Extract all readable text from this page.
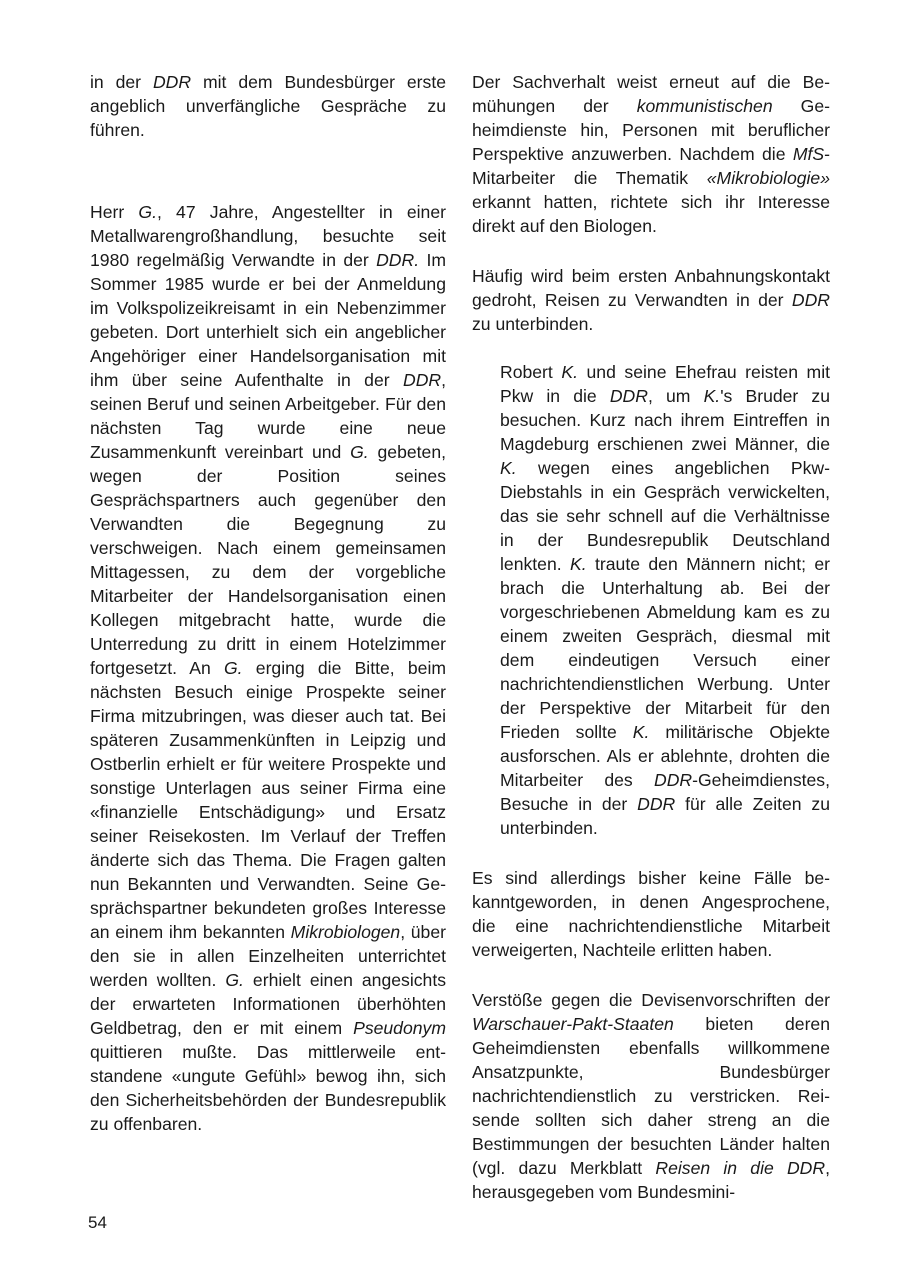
in der DDR mit dem Bundesbürger erste angeblich unverfängliche Gespräche zu führen.

Herr G., 47 Jahre, Angestellter in einer Metallwarengroßhandlung, besuchte seit 1980 regelmäßig Verwandte in der DDR. Im Sommer 1985 wurde er bei der Anmeldung im Volkspolizeikreisamt in ein Nebenzimmer gebeten. Dort unterhielt sich ein angeblicher Angehöriger einer Handelsorganisation mit ihm über seine Aufenthalte in der DDR, seinen Beruf und seinen Arbeitgeber. Für den nächsten Tag wurde eine neue Zusammenkunft vereinbart und G. gebeten, wegen der Position seines Gesprächspartners auch gegenüber den Verwandten die Begegnung zu verschweigen. Nach einem gemeinsamen Mittagessen, zu dem der vorgebliche Mitarbeiter der Handelsorganisation einen Kollegen mitgebracht hatte, wurde die Unterredung zu dritt in einem Hotelzimmer fortgesetzt. An G. erging die Bitte, beim nächsten Besuch einige Prospekte seiner Firma mitzubringen, was dieser auch tat. Bei späteren Zusammenkünften in Leipzig und Ostberlin erhielt er für weitere Prospekte und sonstige Unterlagen aus seiner Firma eine «finanzielle Entschädigung» und Ersatz seiner Reisekosten. Im Verlauf der Treffen änderte sich das Thema. Die Fragen galten nun Bekannten und Verwandten. Seine Gesprächspartner bekundeten großes Interesse an einem ihm bekannten Mikrobiologen, über den sie in allen Einzelheiten unterrichtet werden wollten. G. erhielt einen angesichts der erwarteten Informationen überhöhten Geldbetrag, den er mit einem Pseudonym quittieren mußte. Das mittlerweile entstandene «ungute Gefühl» bewog ihn, sich den Sicherheitsbehörden der Bundesrepublik zu offenbaren.

Der Sachverhalt weist erneut auf die Bemühungen der kommunistischen Geheimdienste hin, Personen mit beruflicher Perspektive anzuwerben. Nachdem die MfS-Mitarbeiter die Thematik «Mikrobiologie» erkannt hatten, richtete sich ihr Interesse direkt auf den Biologen.

Häufig wird beim ersten Anbahnungskontakt gedroht, Reisen zu Verwandten in der DDR zu unterbinden.

Robert K. und seine Ehefrau reisten mit Pkw in die DDR, um K.'s Bruder zu besuchen. Kurz nach ihrem Eintreffen in Magdeburg erschienen zwei Männer, die K. wegen eines angeblichen Pkw-Diebstahls in ein Gespräch verwickelten, das sie sehr schnell auf die Verhältnisse in der Bundesrepublik Deutschland lenkten. K. traute den Männern nicht; er brach die Unterhaltung ab. Bei der vorgeschriebenen Abmeldung kam es zu einem zweiten Gespräch, diesmal mit dem eindeutigen Versuch einer nachrichtendienstlichen Werbung. Unter der Perspektive der Mitarbeit für den Frieden sollte K. militärische Objekte ausforschen. Als er ablehnte, drohten die Mitarbeiter des DDR-Geheimdienstes, Besuche in der DDR für alle Zeiten zu unterbinden.

Es sind allerdings bisher keine Fälle bekanntgeworden, in denen Angesprochene, die eine nachrichtendienstliche Mitarbeit verweigerten, Nachteile erlitten haben.

Verstöße gegen die Devisenvorschriften der Warschauer-Pakt-Staaten bieten deren Geheimdiensten ebenfalls willkommene Ansatzpunkte, Bundesbürger nachrichtendienstlich zu verstricken. Reisende sollten sich daher streng an die Bestimmungen der besuchten Länder halten (vgl. dazu Merkblatt Reisen in die DDR, herausgegeben vom Bundesmini-

54
